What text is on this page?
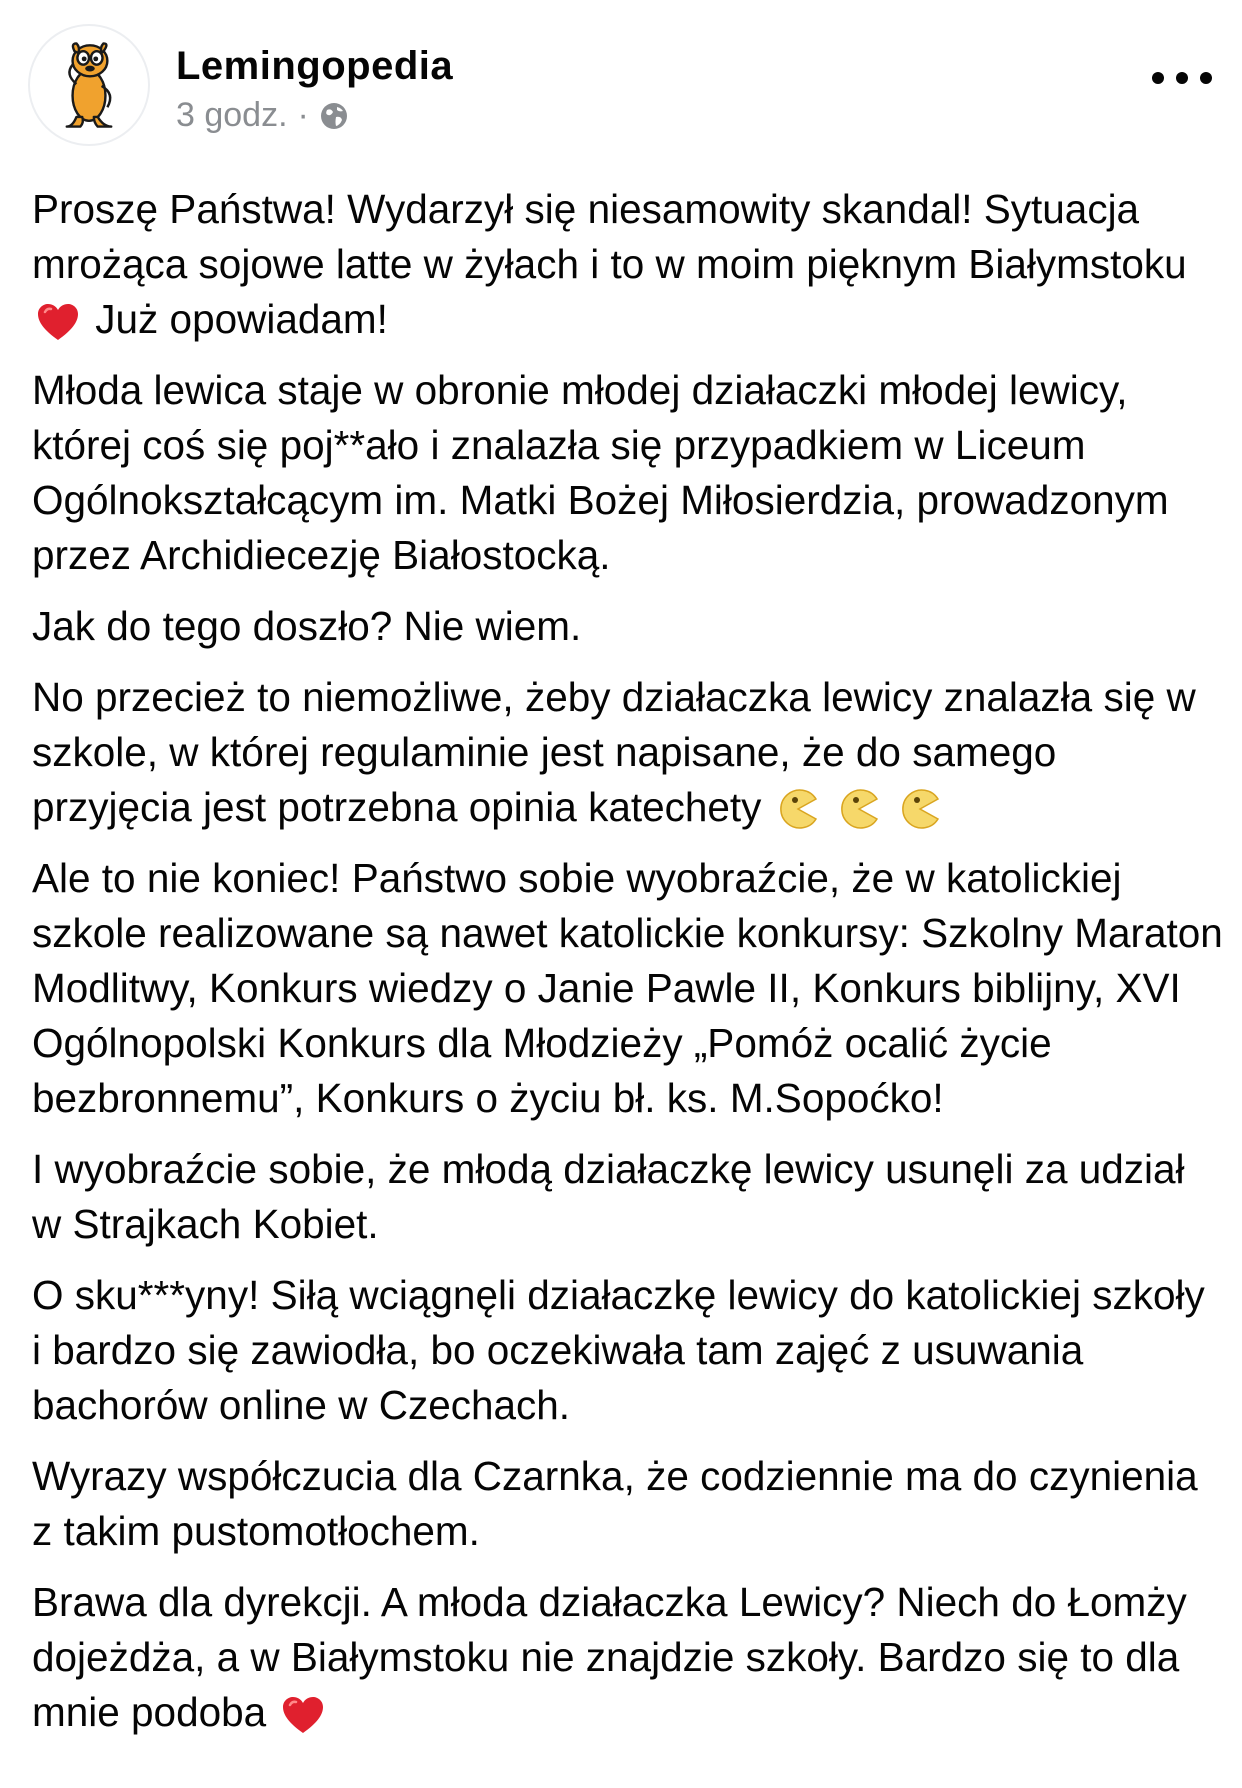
Lemingopedia
3 godz. ·

Proszę Państwa! Wydarzył się niesamowity skandal! Sytuacja mrożąca sojowe latte w żyłach i to w moim pięknym Białymstoku
Już opowiadam!

Młoda lewica staje w obronie młodej działaczki młodej lewicy, której coś się poj**ało i znalazła się przypadkiem w Liceum Ogólnokształcącym im. Matki Bożej Miłosierdzia, prowadzonym przez Archidiecezję Białostocką.

Jak do tego doszło? Nie wiem.

No przecież to niemożliwe, żeby działaczka lewicy znalazła się w szkole, w której regulaminie jest napisane, że do samego przyjęcia jest potrzebna opinia katechety

Ale to nie koniec! Państwo sobie wyobraźcie, że w katolickiej szkole realizowane są nawet katolickie konkursy: Szkolny Maraton Modlitwy, Konkurs wiedzy o Janie Pawle II, Konkurs biblijny, XVI Ogólnopolski Konkurs dla Młodzieży „Pomóż ocalić życie bezbronnemu”, Konkurs o życiu bł. ks. M.Sopoćko!

I wyobraźcie sobie, że młodą działaczkę lewicy usunęli za udział w Strajkach Kobiet.

O sku***yny! Siłą wciągnęli działaczkę lewicy do katolickiej szkoły i bardzo się zawiodła, bo oczekiwała tam zajęć z usuwania bachorów online w Czechach.

Wyrazy współczucia dla Czarnka, że codziennie ma do czynienia z takim pustomotłochem.

Brawa dla dyrekcji. A młoda działaczka Lewicy? Niech do Łomży dojeżdża, a w Białymstoku nie znajdzie szkoły. Bardzo się to dla mnie podoba
